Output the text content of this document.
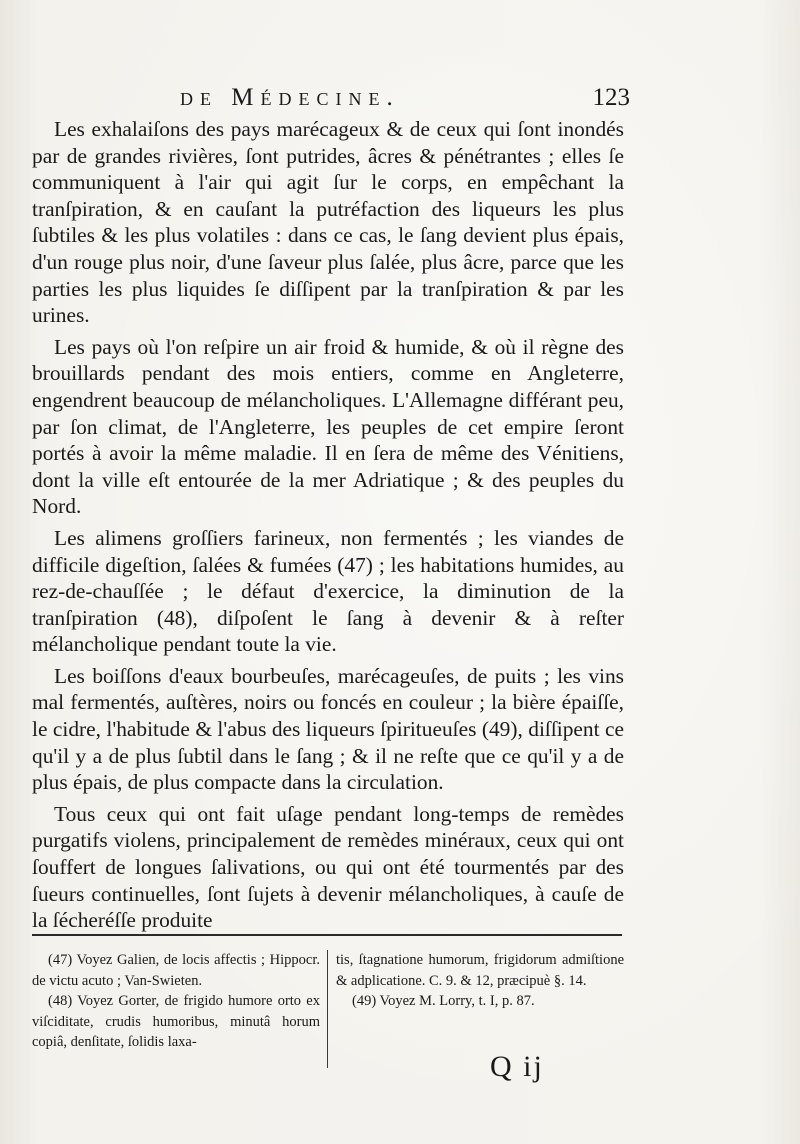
de Médecine.	123

Les exhalaiſons des pays marécageux & de ceux qui ſont inondés par de grandes rivières, ſont putrides, âcres & pénétrantes ; elles ſe communiquent à l'air qui agit ſur le corps, en empêchant la tranſpiration, & en cauſant la putréfaction des liqueurs les plus ſubtiles & les plus volatiles : dans ce cas, le ſang devient plus épais, d'un rouge plus noir, d'une ſaveur plus ſalée, plus âcre, parce que les parties les plus liquides ſe diſſipent par la tranſpiration & par les urines.

Les pays où l'on reſpire un air froid & humide, & où il règne des brouillards pendant des mois entiers, comme en Angleterre, engendrent beaucoup de mélancholiques. L'Allemagne différant peu, par ſon climat, de l'Angleterre, les peuples de cet empire ſeront portés à avoir la même maladie. Il en ſera de même des Vénitiens, dont la ville eſt entourée de la mer Adriatique ; & des peuples du Nord.

Les alimens groſſiers farineux, non fermentés ; les viandes de difficile digeſtion, ſalées & fumées (47) ; les habitations humides, au rez-de-chauſſée ; le défaut d'exercice, la diminution de la tranſpiration (48), diſpoſent le ſang à devenir & à reſter mélancholique pendant toute la vie.

Les boiſſons d'eaux bourbeuſes, marécageuſes, de puits ; les vins mal fermentés, auſtères, noirs ou foncés en couleur ; la bière épaiſſe, le cidre, l'habitude & l'abus des liqueurs ſpiritueuſes (49), diſſipent ce qu'il y a de plus ſubtil dans le ſang ; & il ne reſte que ce qu'il y a de plus épais, de plus compacte dans la circulation.

Tous ceux qui ont fait uſage pendant long-temps de remèdes purgatifs violens, principalement de remèdes minéraux, ceux qui ont ſouffert de longues ſalivations, ou qui ont été tourmentés par des ſueurs continuelles, ſont ſujets à devenir mélancholiques, à cauſe de la ſécheréſſe produite

(47) Voyez Galien, de locis affectis ; Hippocr. de victu acuto ; Van-Swieten.

(48) Voyez Gorter, de frigido humore orto ex viſciditate, crudis humoribus, minutâ horum copiâ, denſitate, ſolidis laxa-

tis, ſtagnatione humorum, frigidorum admiſtione & adplicatione. C. 9. & 12, præcipuè §. 14.

(49) Voyez M. Lorry, t. I, p. 87.

Q ij
